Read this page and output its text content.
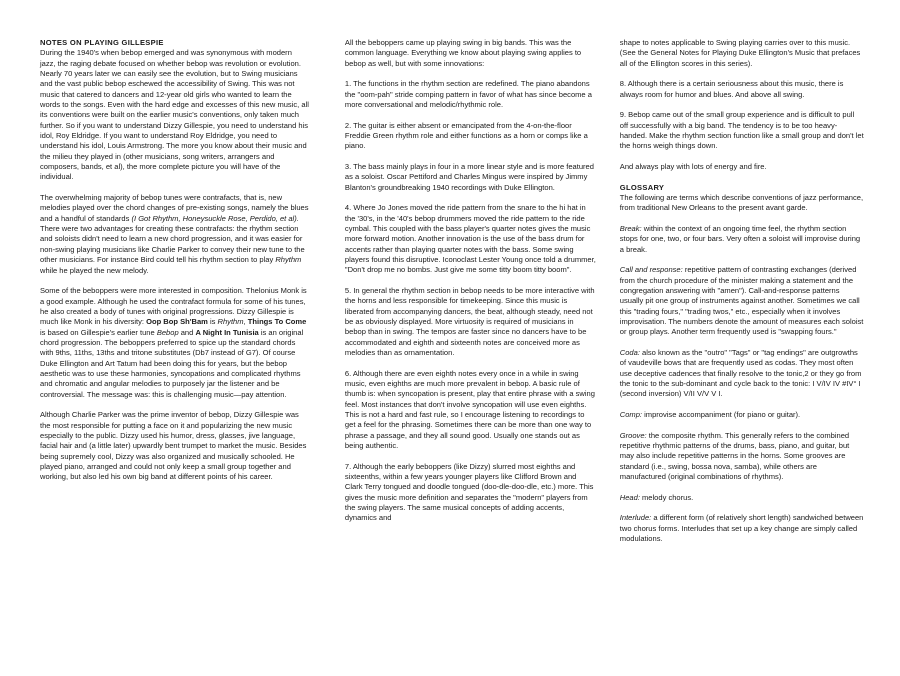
NOTES ON PLAYING GILLESPIE

During the 1940's when bebop emerged and was synonymous with modern jazz, the raging debate focused on whether bebop was revolution or evolution. Nearly 70 years later we can easily see the evolution, but to Swing musicians and the vast public bebop eschewed the accessibility of Swing. This was not music that catered to dancers and 12-year old girls who wanted to learn the words to the songs. Even with the hard edge and excesses of this new music, all its conventions were built on the earlier music's conventions, only taken much further. So if you want to understand Dizzy Gillespie, you need to understand his idol, Roy Eldridge. If you want to understand Roy Eldridge, you need to understand his idol, Louis Armstrong. The more you know about their music and the milieu they played in (other musicians, song writers, arrangers and composers, bands, et al), the more complete picture you will have of the individual.

The overwhelming majority of bebop tunes were contrafacts, that is, new melodies played over the chord changes of pre-existing songs, namely the blues and a handful of standards (I Got Rhythm, Honeysuckle Rose, Perdido, et al). There were two advantages for creating these contrafacts: the rhythm section and soloists didn't need to learn a new chord progression, and it was easier for non-swing playing musicians like Charlie Parker to convey their new tune to the other musicians. For instance Bird could tell his rhythm section to play Rhythm while he played the new melody.

Some of the beboppers were more interested in composition. Thelonius Monk is a good example. Although he used the contrafact formula for some of his tunes, he also created a body of tunes with original progressions. Dizzy Gillespie is much like Monk in his diversity: Oop Bop Sh'Bam is Rhythm, Things To Come is based on Gillespie's earlier tune Bebop and A Night In Tunisia is an original chord progression. The beboppers preferred to spice up the standard chords with 9ths, 11ths, 13ths and tritone substitutes (Db7 instead of G7). Of course Duke Ellington and Art Tatum had been doing this for years, but the bebop aesthetic was to use these harmonies, syncopations and complicated rhythms and chromatic and angular melodies to purposely jar the listener and be controversial. The message was: this is challenging music—pay attention.

Although Charlie Parker was the prime inventor of bebop, Dizzy Gillespie was the most responsible for putting a face on it and popularizing the new music especially to the public. Dizzy used his humor, dress, glasses, jive language, facial hair and (a little later) upwardly bent trumpet to market the music. Besides being supremely cool, Dizzy was also organized and musically schooled. He played piano, arranged and could not only keep a small group together and working, but also led his own big band at different points of his career.

All the beboppers came up playing swing in big bands. This was the common language. Everything we know about playing swing applies to bebop as well, but with some innovations:

1. The functions in the rhythm section are redefined. The piano abandons the "oom-pah" stride comping pattern in favor of what has since become a more conversational and melodic/rhythmic role.

2. The guitar is either absent or emancipated from the 4-on-the-floor Freddie Green rhythm role and either functions as a horn or comps like a piano.

3. The bass mainly plays in four in a more linear style and is more featured as a soloist. Oscar Pettiford and Charles Mingus were inspired by Jimmy Blanton's groundbreaking 1940 recordings with Duke Ellington.

4. Where Jo Jones moved the ride pattern from the snare to the hi hat in the '30's, in the '40's bebop drummers moved the ride pattern to the ride cymbal. This coupled with the bass player's quarter notes gives the music more forward motion. Another innovation is the use of the bass drum for accents rather than playing quarter notes with the bass. Some swing players found this disruptive. Iconoclast Lester Young once told a drummer, "Don't drop me no bombs. Just give me some titty boom titty boom".

5. In general the rhythm section in bebop needs to be more interactive with the horns and less responsible for timekeeping. Since this music is liberated from accompanying dancers, the beat, although steady, need not be as obviously displayed. More virtuosity is required of musicians in bebop than in swing. The tempos are faster since no dancers have to be accommodated and eighth and sixteenth notes are conceived more as melodies than as ornamentation.

6. Although there are even eighth notes every once in a while in swing music, even eighths are much more prevalent in bebop. A basic rule of thumb is: when syncopation is present, play that entire phrase with a swing feel. Most instances that don't involve syncopation will use even eighths. This is not a hard and fast rule, so I encourage listening to recordings to get a feel for the phrasing. Sometimes there can be more than one way to phrase a passage, and they all sound good. Usually one stands out as being authentic.

7. Although the early beboppers (like Dizzy) slurred most eighths and sixteenths, within a few years younger players like Clifford Brown and Clark Terry tongued and doodle tongued (doo-dle-doo-dle, etc.) more. This gives the music more definition and separates the "modern" players from the swing players. The same musical concepts of adding accents, dynamics and

shape to notes applicable to Swing playing carries over to this music. (See the General Notes for Playing Duke Ellington's Music that prefaces all of the Ellington scores in this series).

8. Although there is a certain seriousness about this music, there is always room for humor and blues. And above all swing.

9. Bebop came out of the small group experience and is difficult to pull off successfully with a big band. The tendency is to be too heavy-handed. Make the rhythm section function like a small group and don't let the horns weigh things down.

And always play with lots of energy and fire.

GLOSSARY

The following are terms which describe conventions of jazz performance, from traditional New Orleans to the present avant garde.

Break: within the context of an ongoing time feel, the rhythm section stops for one, two, or four bars. Very often a soloist will improvise during a break.

Call and response: repetitive pattern of contrasting exchanges (derived from the church procedure of the minister making a statement and the congregation answering with "amen"). Call-and-response patterns usually pit one group of instruments against another. Sometimes we call this "trading fours," "trading twos," etc., especially when it involves improvisation. The numbers denote the amount of measures each soloist or group plays. Another term frequently used is "swapping fours."

Coda: also known as the "outro" "Tags" or "tag endings" are outgrowths of vaudeville bows that are frequently used as codas. They most often use deceptive cadences that finally resolve to the tonic,2 or they go from the tonic to the sub-dominant and cycle back to the tonic: I V/IV IV #IV° I (second inversion) V/II V/V V I.

Comp: improvise accompaniment (for piano or guitar).

Groove: the composite rhythm. This generally refers to the combined repetitive rhythmic patterns of the drums, bass, piano, and guitar, but may also include repetitive patterns in the horns. Some grooves are standard (i.e., swing, bossa nova, samba), while others are manufactured (original combinations of rhythms).

Head: melody chorus.

Interlude: a different form (of relatively short length) sandwiched between two chorus forms. Interludes that set up a key change are simply called modulations.
